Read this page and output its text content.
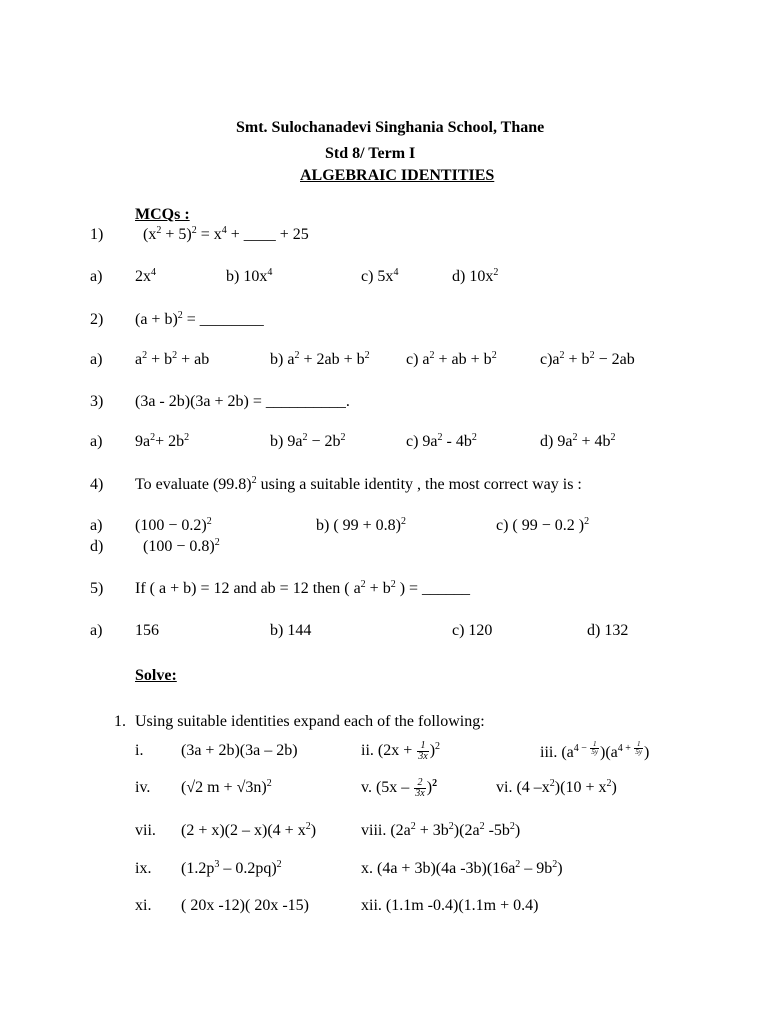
Smt. Sulochanadevi Singhania School, Thane
Std 8/ Term I
ALGEBRAIC IDENTITIES
MCQs :
1) $(x^2 + 5)^2 = x^4$ + ____ + 25
a) $2x^4$	b) $10x^4$	c) $5x^4$	d) $10x^2$
2) $(a + b)^2$ = ________
a) $a^2 + b^2$ + ab	b) $a^2 + 2ab + b^2$ c) $a^2$ + ab + $b^2$	$c)a^2 + b^2 - 2ab$
3) (3a - 2b)(3a + 2b) = __________.
a) $9a^2+ 2b^2$	b) $9a^2 - 2b^2$	c) $9a^2 - 4b^2$	d) $9a^2 + 4b^2$
4) To evaluate $(99.8)^2$ using a suitable identity , the most correct way is :
a) $(100 - 0.2)^2$	b) ( 99 + 0.8)$^2$	c) ( 99 − 0.2 )$^2$
d) $(100 - 0.8)^2$
5) If ( a + b) = 12 and ab = 12 then ( $a^2 + b^2$ ) = ______
a) 156	b) 144	c) 120	d) 132
Solve:
1. Using suitable identities expand each of the following:
i. (3a + 2b)(3a – 2b)	ii. $(2x + \frac{1}{3x} )^2$	iii. ($a^{4 - \frac{1}{5y}}$ )($a^{4 + \frac{1}{5y}}$ )
iv. (√2 m + √3n)$^2$	v. $(5x - \frac{2}{3x} )^2$	vi. (4 $-x^2)(10 + x^2)$
vii. $(2 + x)(2 - x)(4 + x^2)$	viii. $(2a^2 + 3b^2)(2a^2$ $-5b^2$)
ix. $(1.2p^3 - 0.2pq)^2$	x. (4a + 3b)(4a $-3b)(16a^2 - 9b^2)$
xi. ( 20x -12)( 20x -15)	xii. (1.1m -0.4)(1.1m + 0.4)
